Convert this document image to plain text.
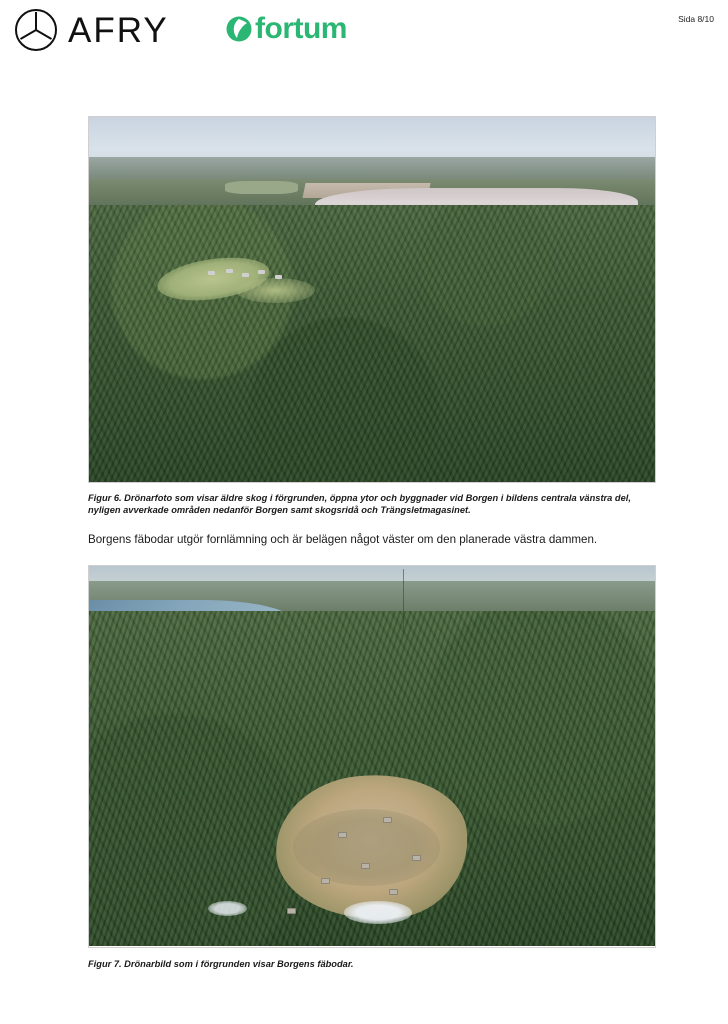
AFRY	fortum	Sida 8/10
Figur 6. Drönarfoto som visar äldre skog i förgrunden, öppna ytor och byggnader vid Borgen i bildens centrala vänstra del, nyligen avverkade områden nedanför Borgen samt skogsridå och Trängsletmagasinet.
Borgens fäbodar utgör fornlämning och är belägen något väster om den planerade västra dammen.
Figur 7. Drönarbild som i förgrunden visar Borgens fäbodar.
